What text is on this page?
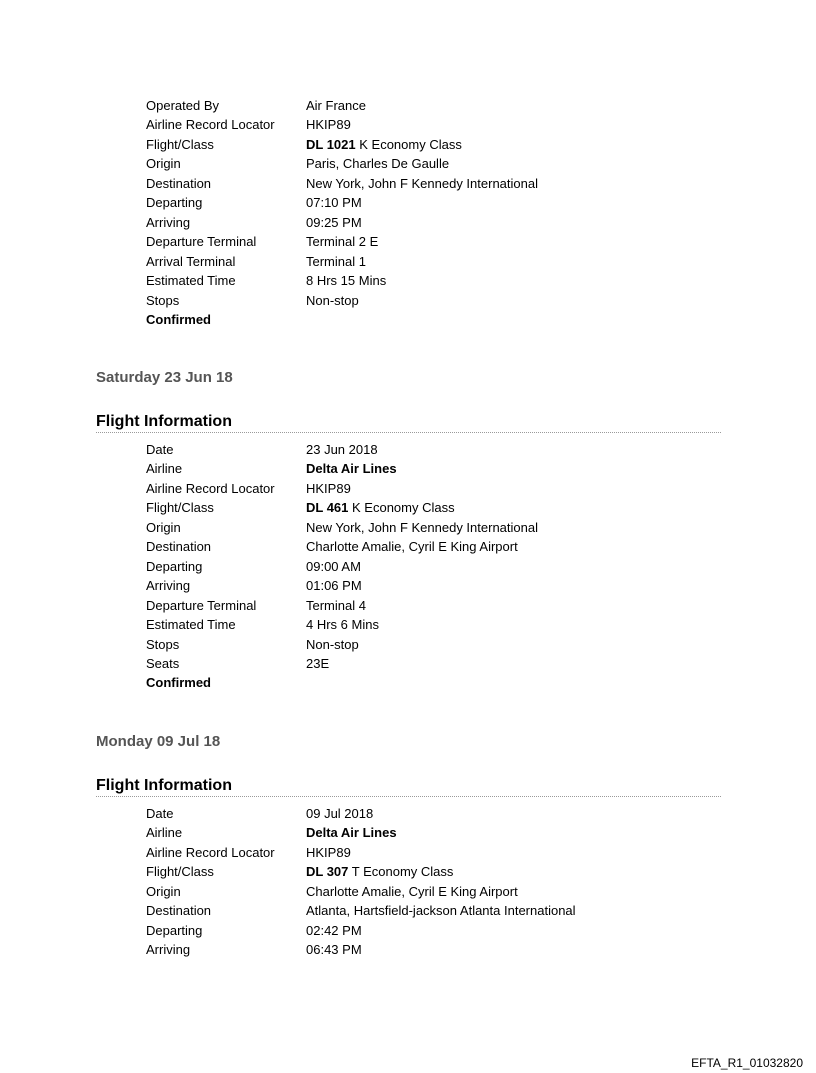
Operated By	Air France
Airline Record Locator	HKIP89
Flight/Class	DL 1021 K Economy Class
Origin	Paris, Charles De Gaulle
Destination	New York, John F Kennedy International
Departing	07:10 PM
Arriving	09:25 PM
Departure Terminal	Terminal 2 E
Arrival Terminal	Terminal 1
Estimated Time	8 Hrs 15 Mins
Stops	Non-stop
Confirmed	
Saturday 23 Jun 18
Flight Information
Date	23 Jun 2018
Airline	Delta Air Lines
Airline Record Locator	HKIP89
Flight/Class	DL 461 K Economy Class
Origin	New York, John F Kennedy International
Destination	Charlotte Amalie, Cyril E King Airport
Departing	09:00 AM
Arriving	01:06 PM
Departure Terminal	Terminal 4
Estimated Time	4 Hrs 6 Mins
Stops	Non-stop
Seats	23E
Confirmed	
Monday 09 Jul 18
Flight Information
Date	09 Jul 2018
Airline	Delta Air Lines
Airline Record Locator	HKIP89
Flight/Class	DL 307 T Economy Class
Origin	Charlotte Amalie, Cyril E King Airport
Destination	Atlanta, Hartsfield-jackson Atlanta International
Departing	02:42 PM
Arriving	06:43 PM
EFTA_R1_01032820
